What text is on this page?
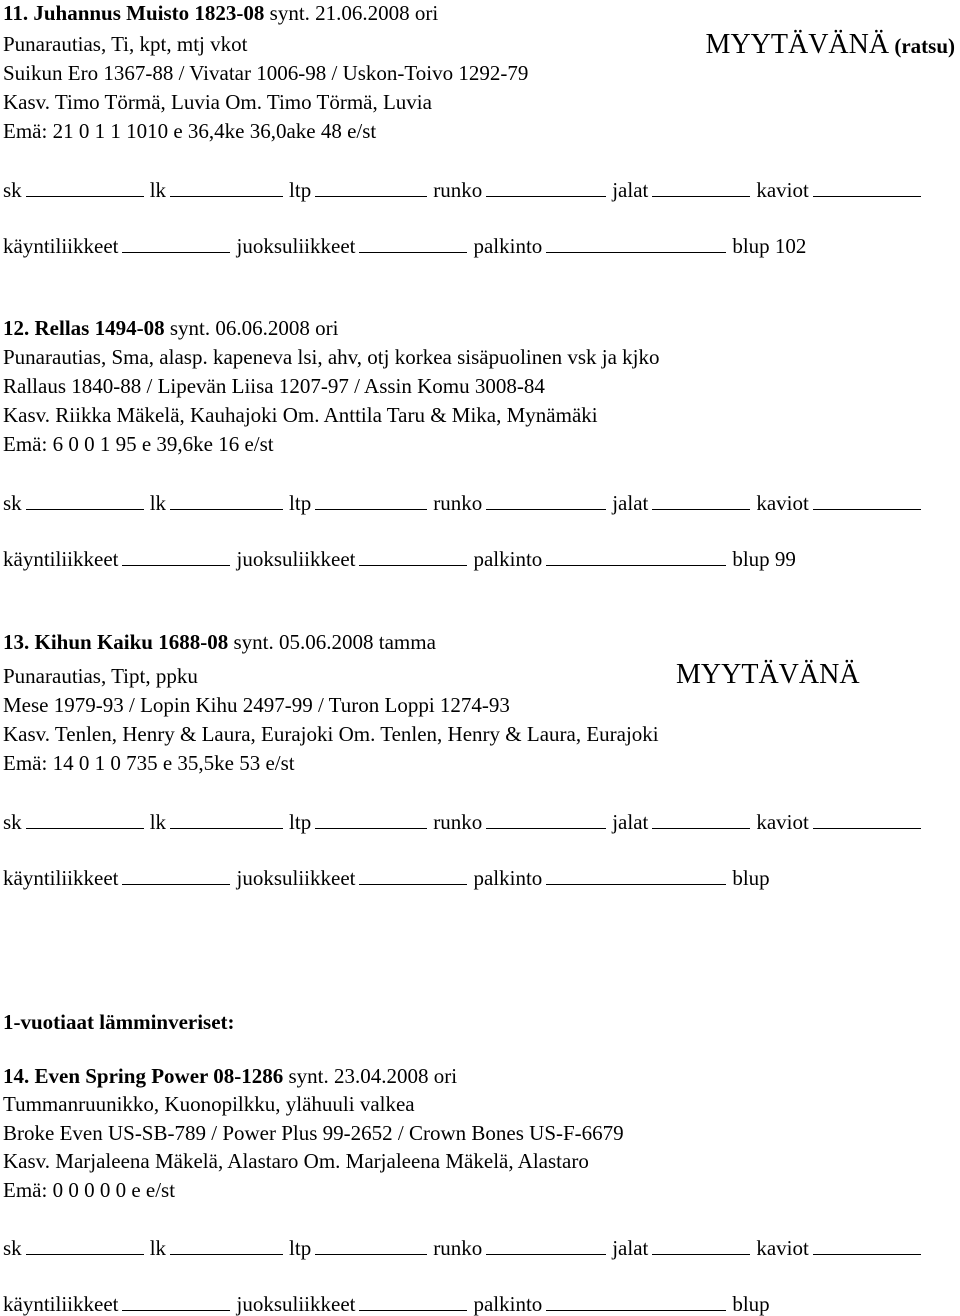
11. Juhannus Muisto 1823-08 synt. 21.06.2008 ori
Punarautias, Ti, kpt, mtj vkot	MYYTÄVÄNÄ (ratsu)
Suikun Ero 1367-88 / Vivatar 1006-98 / Uskon-Toivo 1292-79
Kasv. Timo Törmä, Luvia Om. Timo Törmä, Luvia
Emä: 21 0 1 1 1010 e 36,4ke 36,0ake 48 e/st
sk	lk	ltp	runko	jalat	kaviot
käyntiliikkeet	juoksuliikkeet	palkinto	blup 102
12. Rellas 1494-08 synt. 06.06.2008 ori
Punarautias, Sma, alasp. kapeneva lsi, ahv, otj korkea sisäpuolinen vsk ja kjko
Rallaus 1840-88 / Lipevän Liisa 1207-97 / Assin Komu 3008-84
Kasv. Riikka Mäkelä, Kauhajoki Om. Anttila Taru & Mika, Mynämäki
Emä: 6 0 0 1 95 e 39,6ke 16 e/st
sk	lk	ltp	runko	jalat	kaviot
käyntiliikkeet	juoksuliikkeet	palkinto	blup 99
13. Kihun Kaiku 1688-08 synt. 05.06.2008 tamma
Punarautias, Tipt, ppku	MYYTÄVÄNÄ
Mese 1979-93 / Lopin Kihu 2497-99 / Turon Loppi 1274-93
Kasv. Tenlen, Henry & Laura, Eurajoki Om. Tenlen, Henry & Laura, Eurajoki
Emä: 14 0 1 0 735 e 35,5ke 53 e/st
sk	lk	ltp	runko	jalat	kaviot
käyntiliikkeet	juoksuliikkeet	palkinto	blup
1-vuotiaat lämminveriset:
14. Even Spring Power 08-1286 synt. 23.04.2008 ori
Tummanruunikko, Kuonopilkku, ylähuuli valkea
Broke Even US-SB-789 / Power Plus 99-2652 / Crown Bones US-F-6679
Kasv. Marjaleena Mäkelä, Alastaro Om. Marjaleena Mäkelä, Alastaro
Emä: 0 0 0 0 0 e e/st
sk	lk	ltp	runko	jalat	kaviot
käyntiliikkeet	juoksuliikkeet	palkinto	blup
